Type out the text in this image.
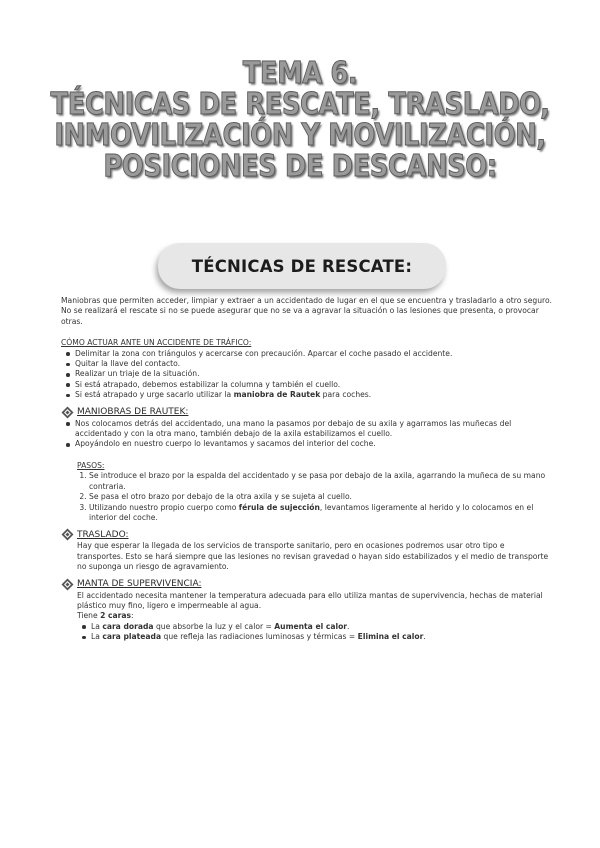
TEMA 6.
TÉCNICAS DE RESCATE, TRASLADO,
INMOVILIZACIÓN Y MOVILIZACIÓN,
POSICIONES DE DESCANSO:
TÉCNICAS DE RESCATE:

Maniobras que permiten acceder, limpiar y extraer a un accidentado de lugar en el que se encuentra y trasladarlo a otro seguro.

No se realizará el rescate si no se puede asegurar que no se va a agravar la situación o las lesiones que presenta, o provocar otras.

CÓMO ACTUAR ANTE UN ACCIDENTE DE TRÁFICO:

Delimitar la zona con triángulos y acercarse con precaución. Aparcar el coche pasado el accidente.
Quitar la llave del contacto.
Realizar un triaje de la situación.
Si está atrapado, debemos estabilizar la columna y también el cuello.
Si está atrapado y urge sacarlo utilizar la maniobra de Rautek para coches.
MANIOBRAS DE RAUTEK:
Nos colocamos detrás del accidentado, una mano la pasamos por debajo de su axila y agarramos las muñecas del accidentado y con la otra mano, también debajo de la axila estabilizamos el cuello.
Apoyándolo en nuestro cuerpo lo levantamos y sacamos del interior del coche.

PASOS:

1. Se introduce el brazo por la espalda del accidentado y se pasa por debajo de la axila, agarrando la muñeca de su mano contraria.
2. Se pasa el otro brazo por debajo de la otra axila y se sujeta al cuello.
3. Utilizando nuestro propio cuerpo como férula de sujección, levantamos ligeramente al herido y lo colocamos en el interior del coche.
TRASLADO:

Hay que esperar la llegada de los servicios de transporte sanitario, pero en ocasiones podremos usar otro tipo e transportes. Esto se hará siempre que las lesiones no revisan gravedad o hayan sido estabilizados y el medio de transporte no suponga un riesgo de agravamiento.

MANTA DE SUPERVIVENCIA:

El accidentado necesita mantener la temperatura adecuada para ello utiliza mantas de supervivencia, hechas de material plástico muy fino, ligero e impermeable al agua.

Tiene 2 caras:

La cara dorada que absorbe la luz y el calor = Aumenta el calor.
La cara plateada que refleja las radiaciones luminosas y térmicas = Elimina el calor.
